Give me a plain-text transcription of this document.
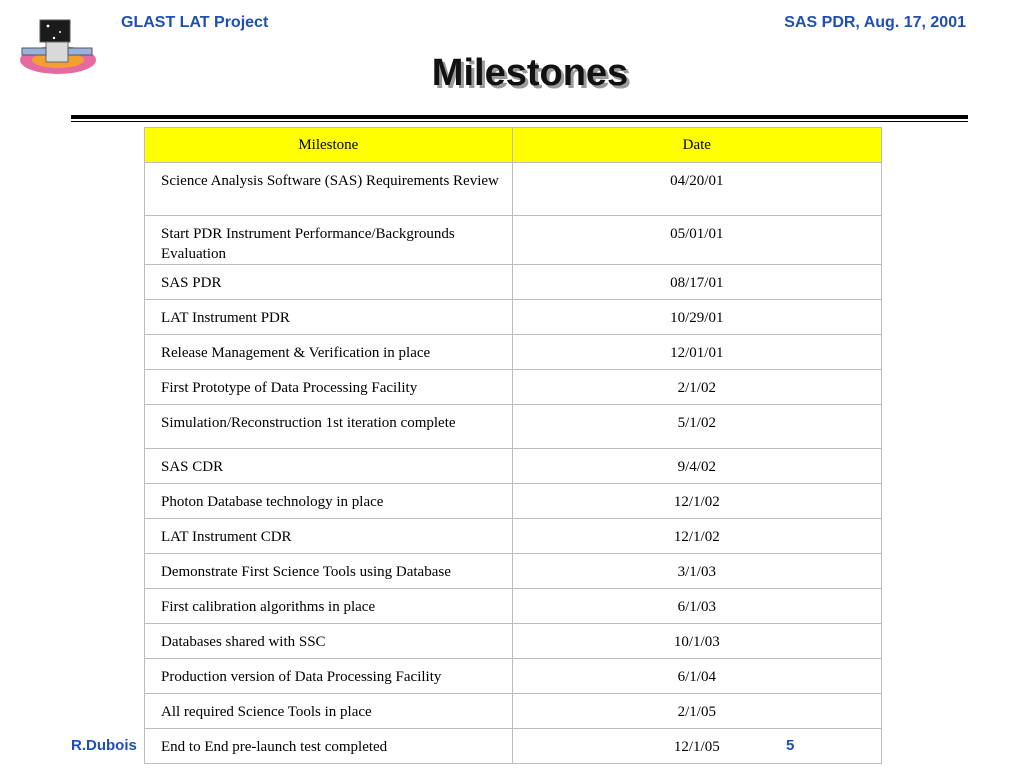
GLAST LAT Project	SAS PDR, Aug. 17, 2001
Milestones
Milestone	Date
Science Analysis Software (SAS) Requirements Review	04/20/01
Start PDR Instrument Performance/Backgrounds Evaluation	05/01/01
SAS PDR	08/17/01
LAT Instrument PDR	10/29/01
Release Management & Verification in place	12/01/01
First Prototype of Data Processing Facility	2/1/02
Simulation/Reconstruction 1st iteration complete	5/1/02
SAS CDR	9/4/02
Photon Database technology in place	12/1/02
LAT Instrument CDR	12/1/02
Demonstrate First Science Tools using Database	3/1/03
First calibration algorithms in place	6/1/03
Databases shared with SSC	10/1/03
Production version of Data Processing Facility	6/1/04
All required Science Tools in place	2/1/05
End to End pre-launch test completed	12/1/05
R.Dubois	5
